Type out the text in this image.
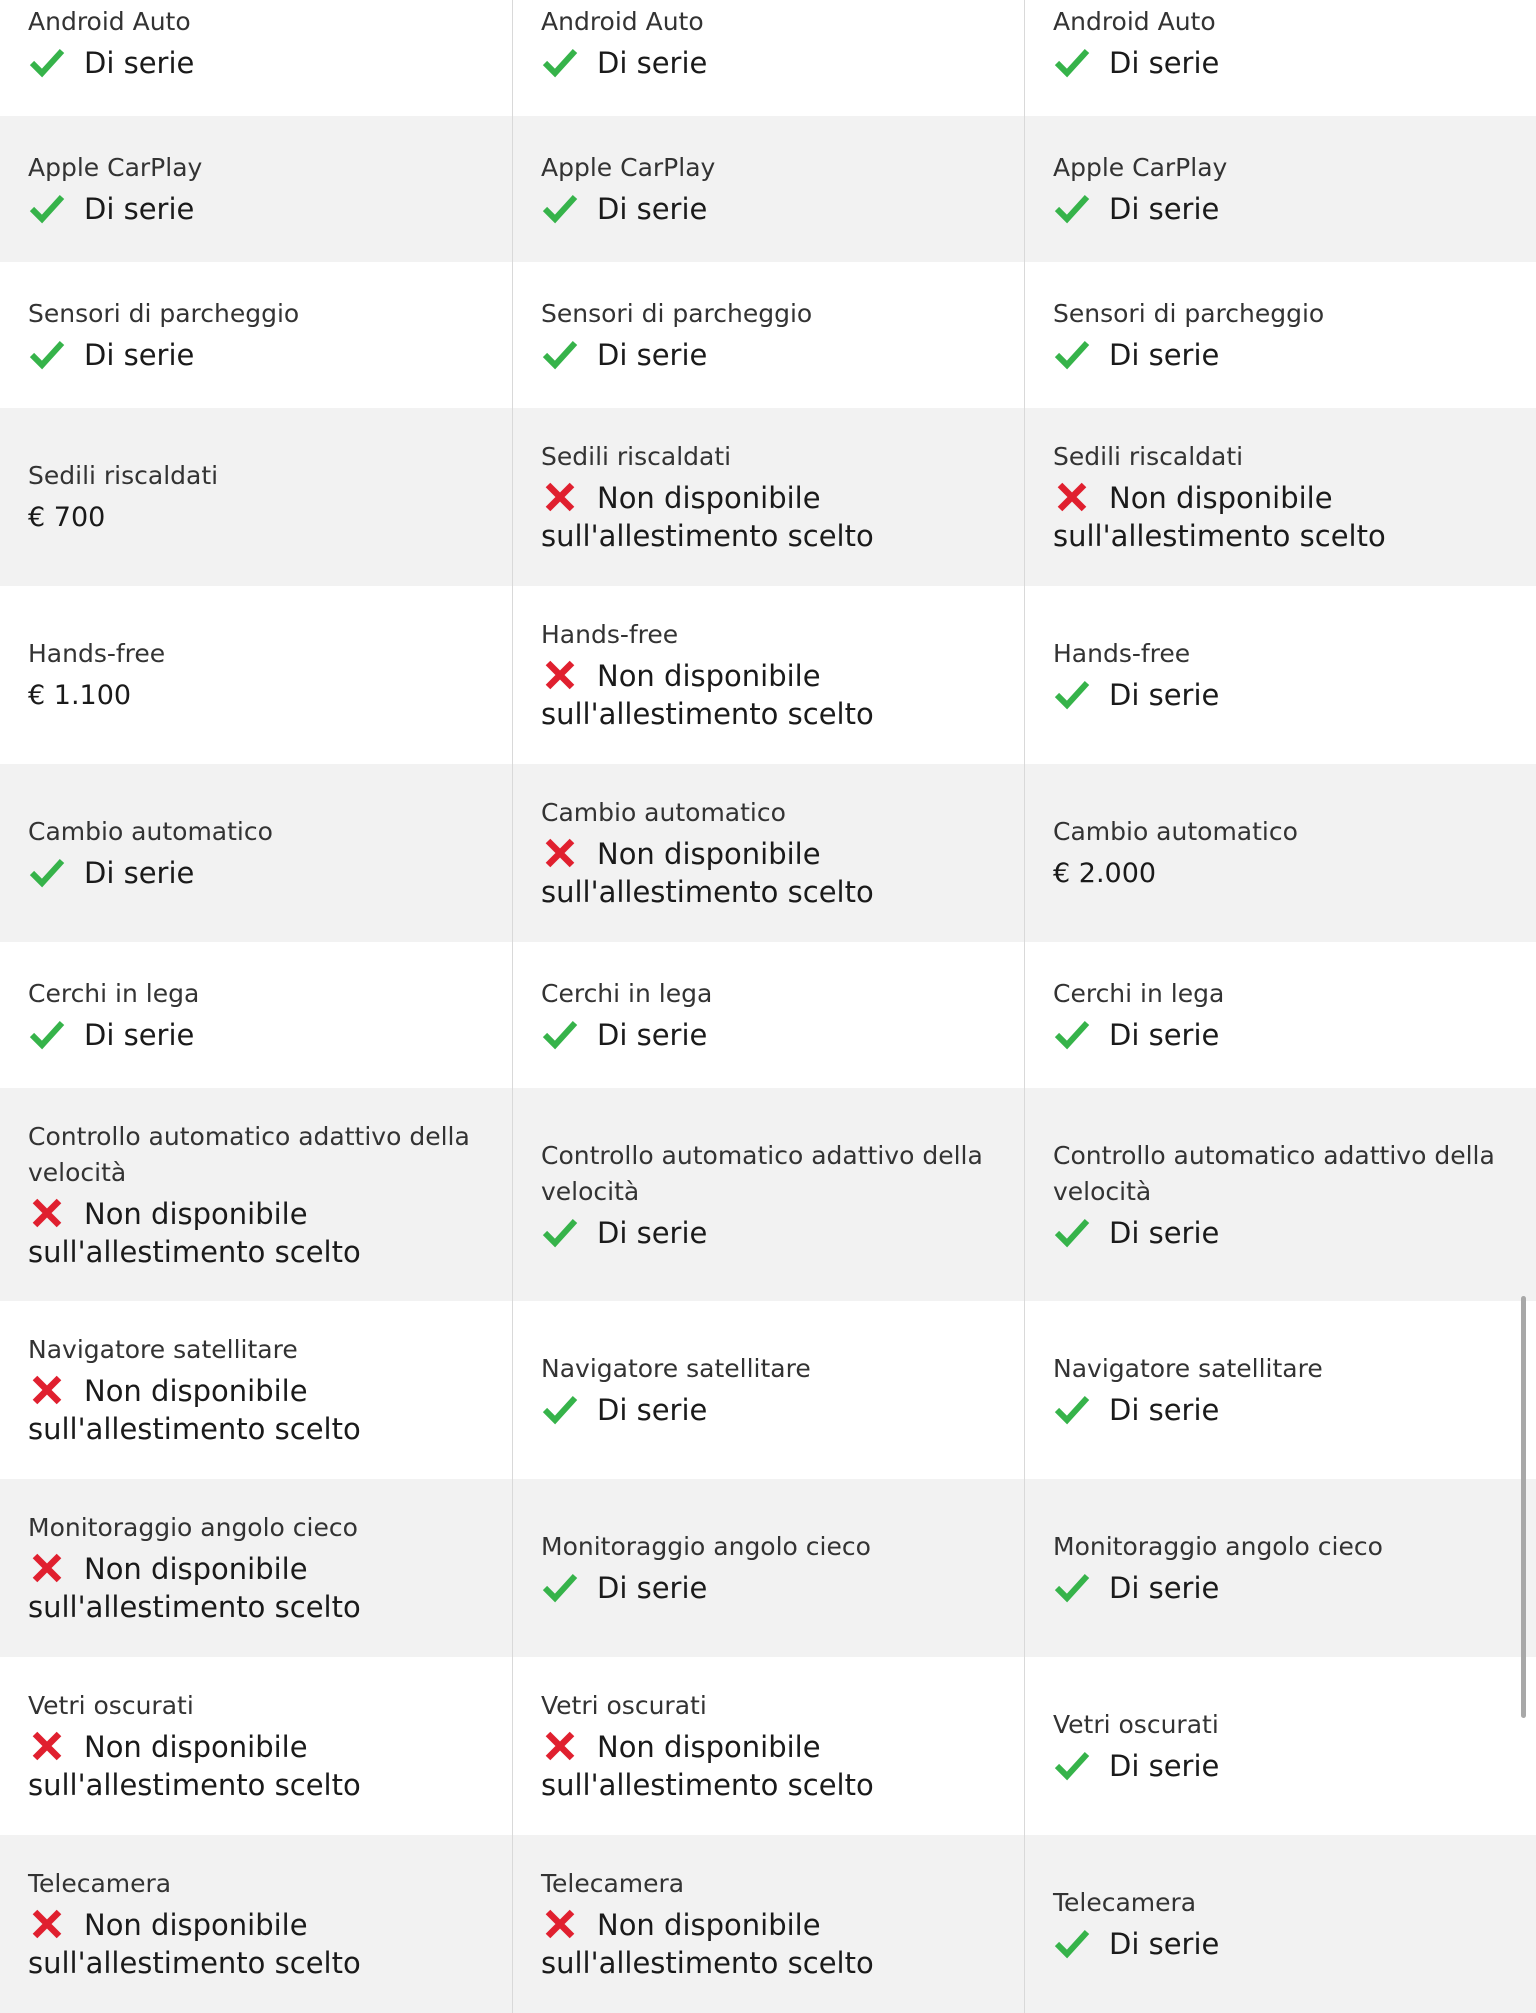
Android Auto
Di serie
Android Auto
Di serie
Android Auto
Di serie
Apple CarPlay
Di serie
Apple CarPlay
Di serie
Apple CarPlay
Di serie
Sensori di parcheggio
Di serie
Sensori di parcheggio
Di serie
Sensori di parcheggio
Di serie
Sedili riscaldati
€ 700
Sedili riscaldati
Non disponibile sull'allestimento scelto
Sedili riscaldati
Non disponibile sull'allestimento scelto
Hands-free
€ 1.100
Hands-free
Non disponibile sull'allestimento scelto
Hands-free
Di serie
Cambio automatico
Di serie
Cambio automatico
Non disponibile sull'allestimento scelto
Cambio automatico
€ 2.000
Cerchi in lega
Di serie
Cerchi in lega
Di serie
Cerchi in lega
Di serie
Controllo automatico adattivo della velocità
Non disponibile sull'allestimento scelto
Controllo automatico adattivo della velocità
Di serie
Controllo automatico adattivo della velocità
Di serie
Navigatore satellitare
Non disponibile sull'allestimento scelto
Navigatore satellitare
Di serie
Navigatore satellitare
Di serie
Monitoraggio angolo cieco
Non disponibile sull'allestimento scelto
Monitoraggio angolo cieco
Di serie
Monitoraggio angolo cieco
Di serie
Vetri oscurati
Non disponibile sull'allestimento scelto
Vetri oscurati
Non disponibile sull'allestimento scelto
Vetri oscurati
Di serie
Telecamera
Non disponibile sull'allestimento scelto
Telecamera
Non disponibile sull'allestimento scelto
Telecamera
Di serie
